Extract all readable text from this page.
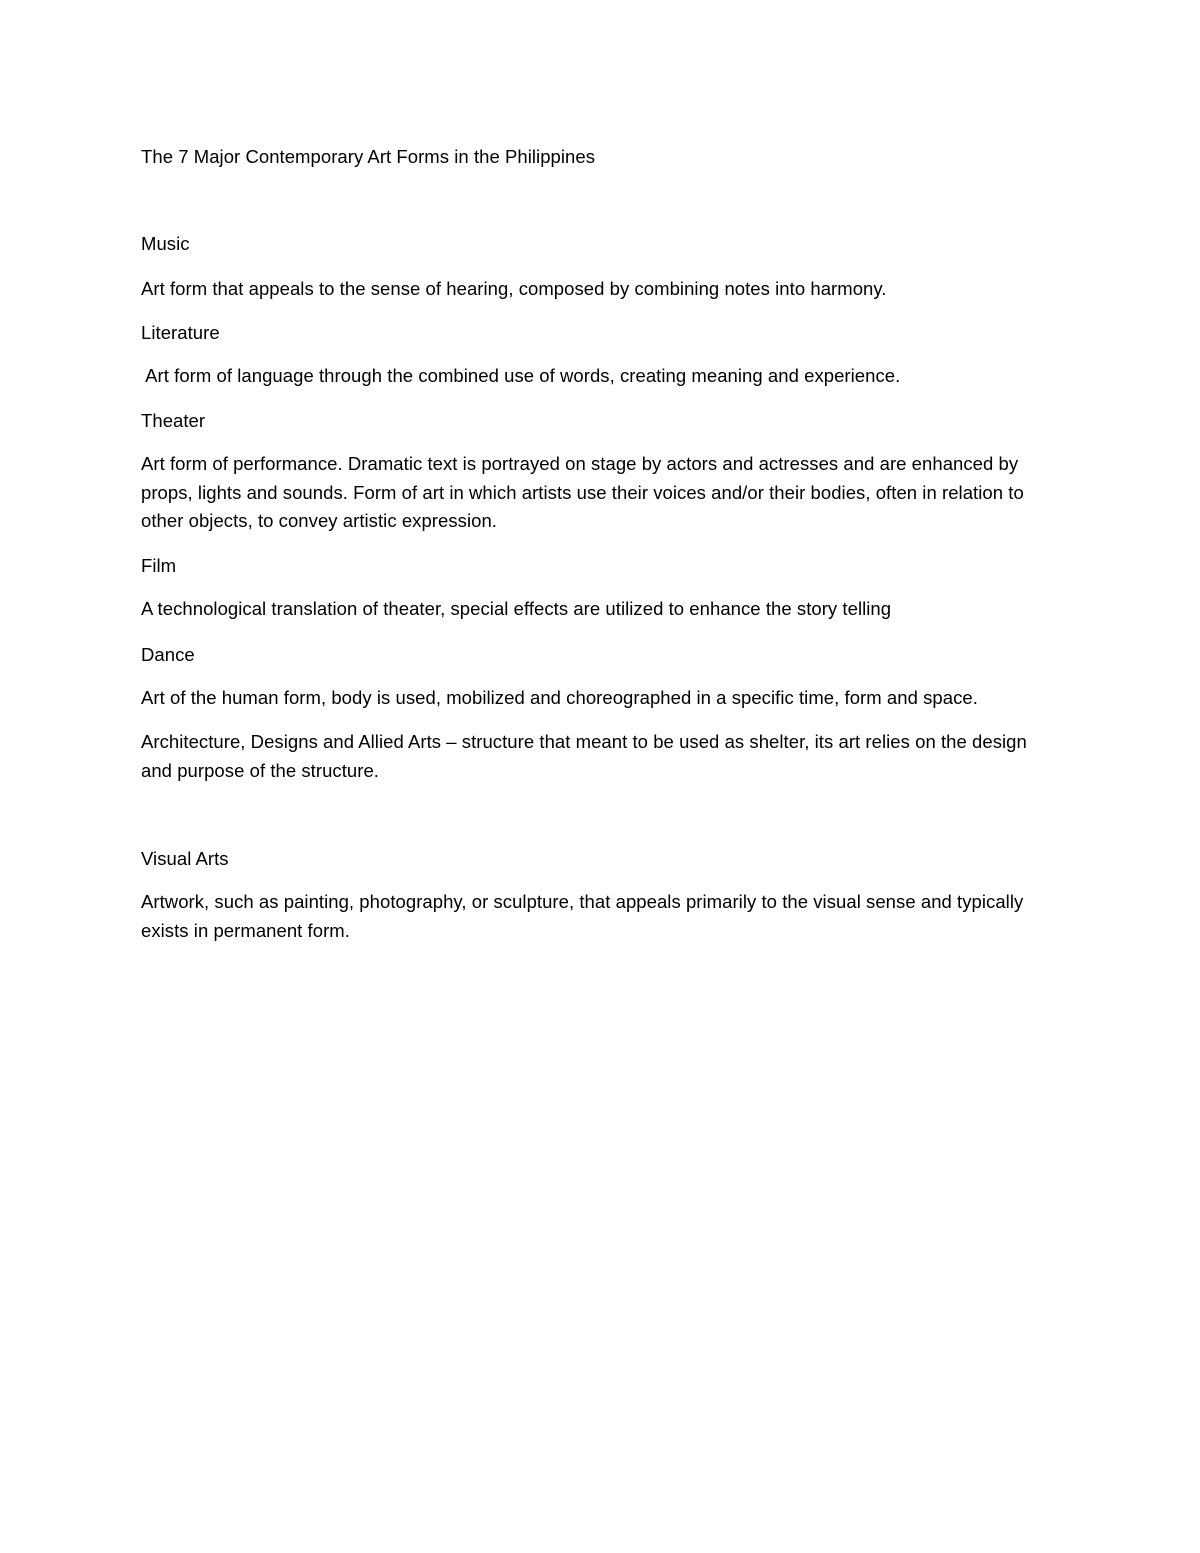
The 7 Major Contemporary Art Forms in the Philippines
Music
Art form that appeals to the sense of hearing, composed by combining notes into harmony.
Literature
Art form of language through the combined use of words, creating meaning and experience.
Theater
Art form of performance. Dramatic text is portrayed on stage by actors and actresses and are enhanced by props, lights and sounds. Form of art in which artists use their voices and/or their bodies, often in relation to other objects, to convey artistic expression.
Film
A technological translation of theater, special effects are utilized to enhance the story telling
Dance
Art of the human form, body is used, mobilized and choreographed in a specific time, form and space.
Architecture, Designs and Allied Arts – structure that meant to be used as shelter, its art relies on the design and purpose of the structure.
Visual Arts
Artwork, such as painting, photography, or sculpture, that appeals primarily to the visual sense and typically exists in permanent form.
